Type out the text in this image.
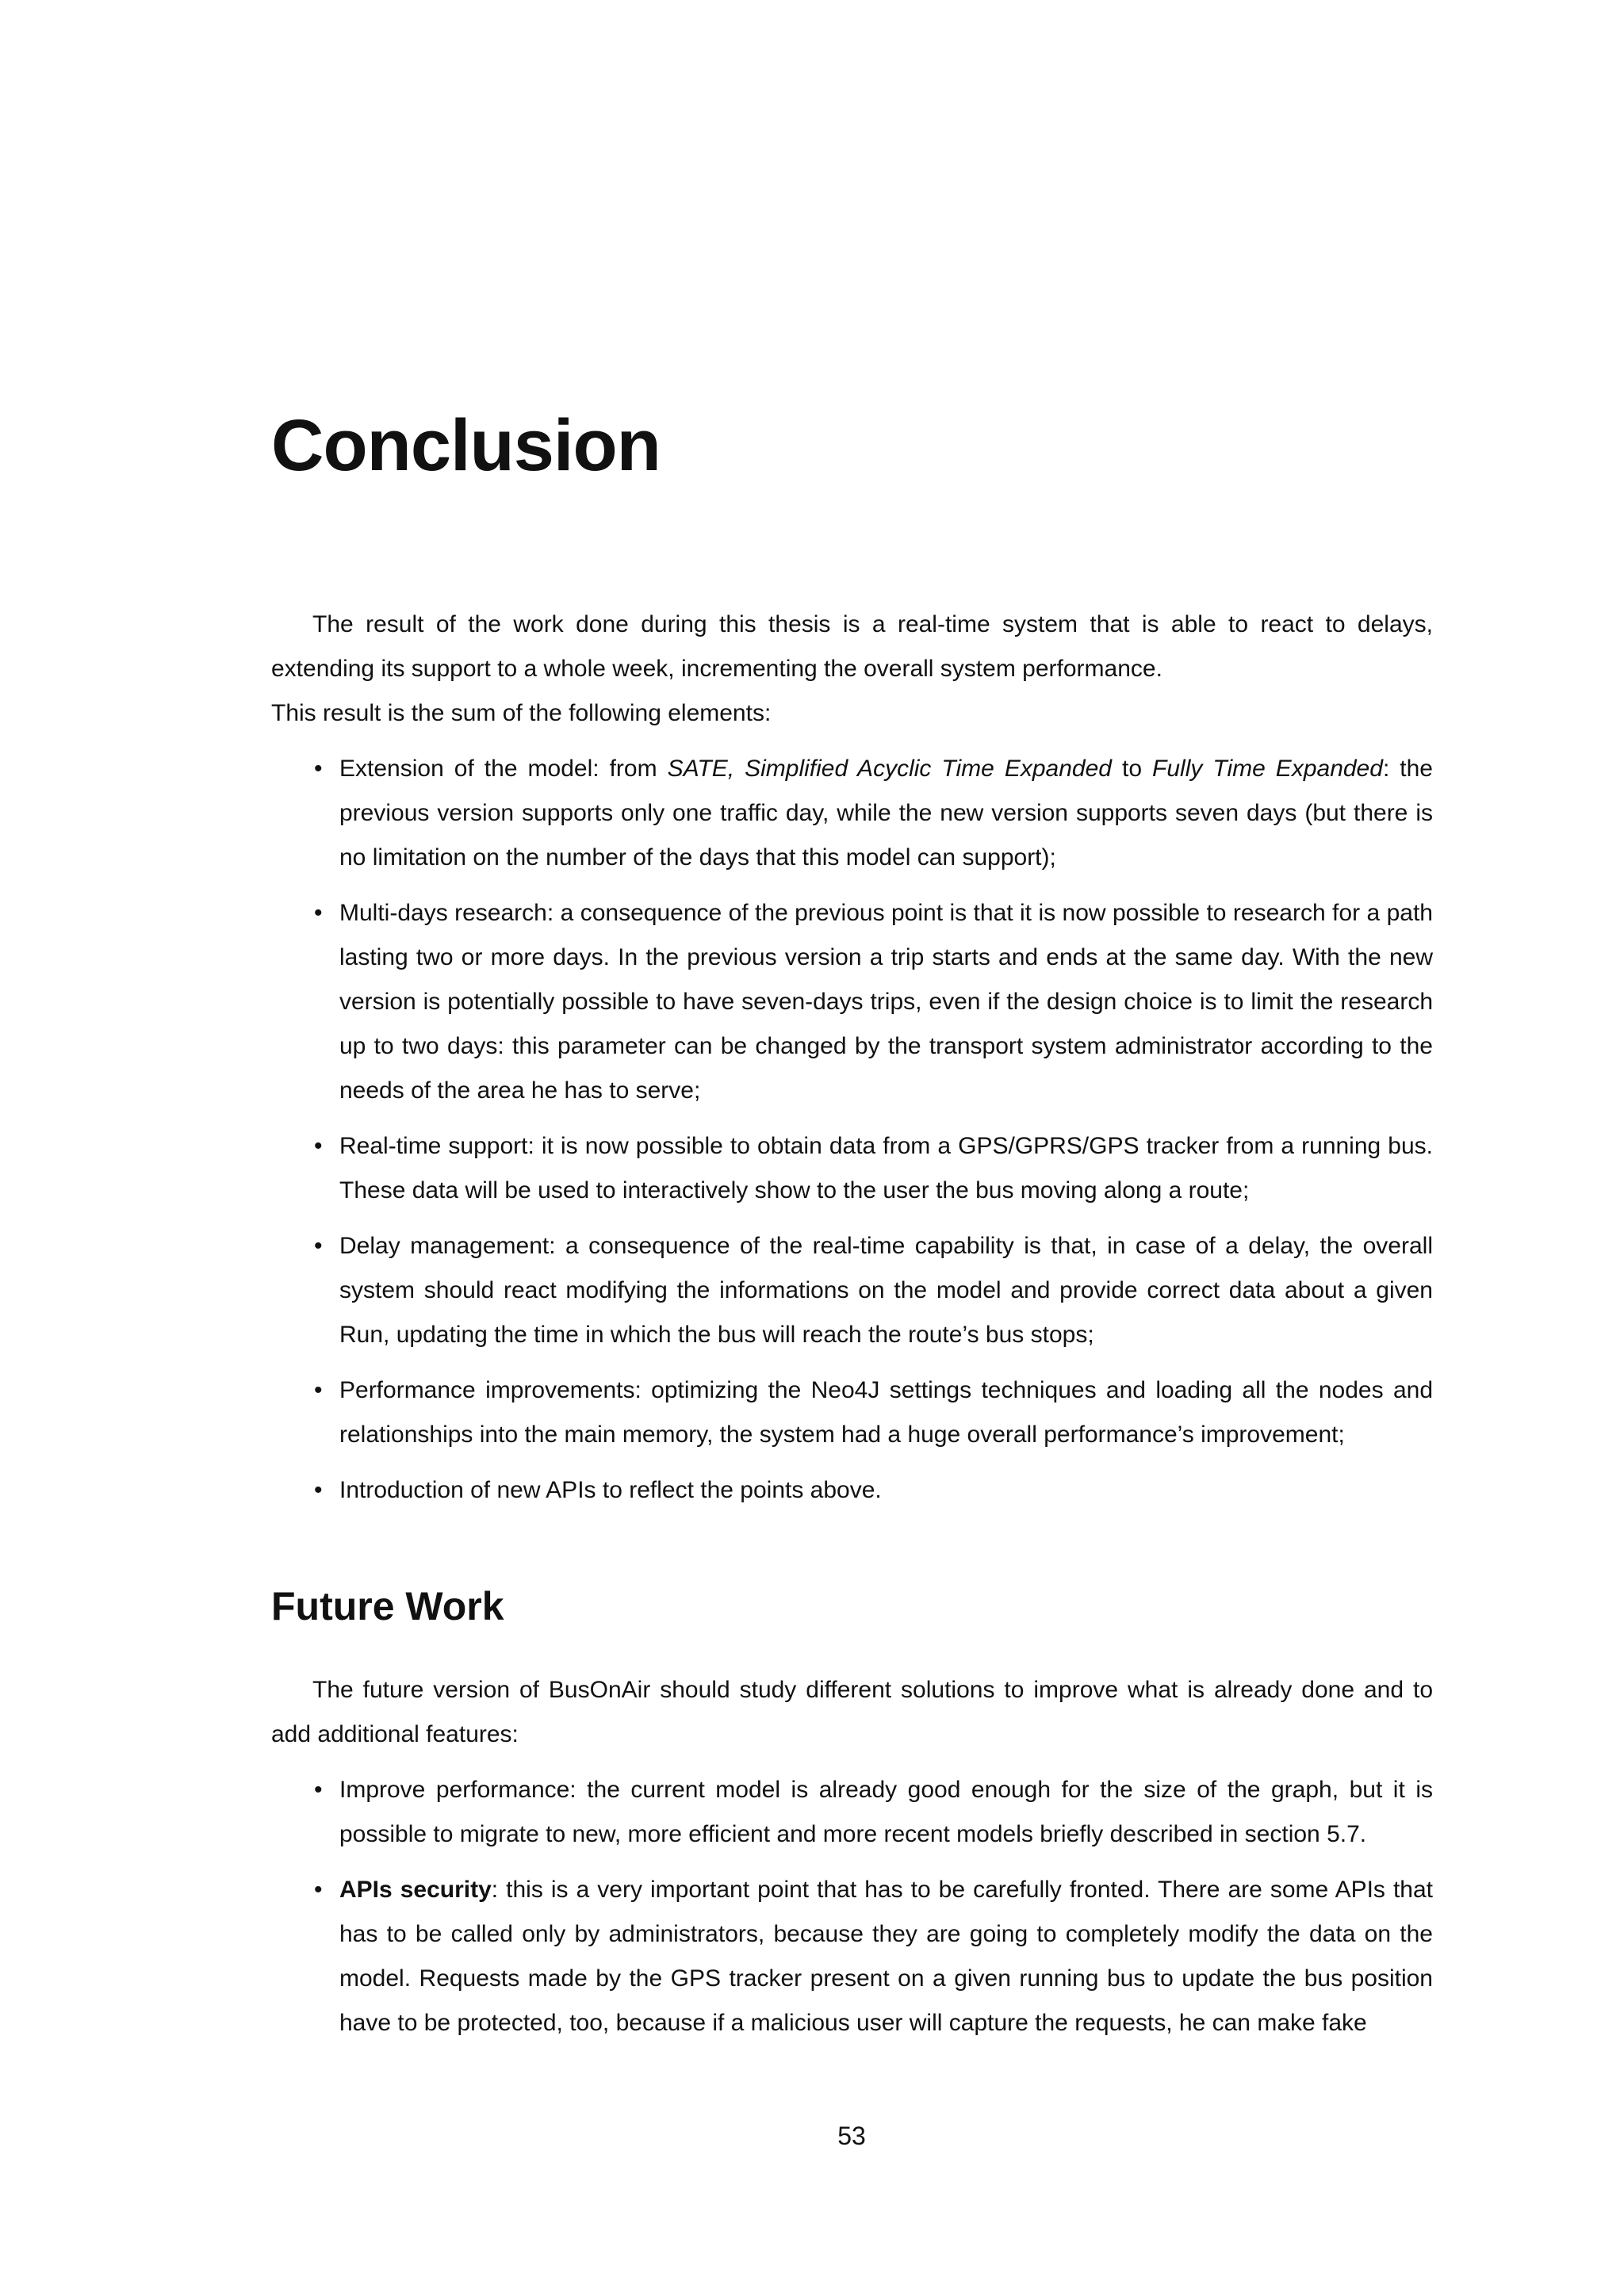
Conclusion

The result of the work done during this thesis is a real-time system that is able to react to delays, extending its support to a whole week, incrementing the overall system performance.

This result is the sum of the following elements:

• Extension of the model: from SATE, Simplified Acyclic Time Expanded to Fully Time Expanded: the previous version supports only one traffic day, while the new version supports seven days (but there is no limitation on the number of the days that this model can support);
• Multi-days research: a consequence of the previous point is that it is now possible to research for a path lasting two or more days. In the previous version a trip starts and ends at the same day. With the new version is potentially possible to have seven-days trips, even if the design choice is to limit the research up to two days: this parameter can be changed by the transport system administrator according to the needs of the area he has to serve;
• Real-time support: it is now possible to obtain data from a GPS/GPRS/GPS tracker from a running bus. These data will be used to interactively show to the user the bus moving along a route;
• Delay management: a consequence of the real-time capability is that, in case of a delay, the overall system should react modifying the informations on the model and provide correct data about a given Run, updating the time in which the bus will reach the route’s bus stops;
• Performance improvements: optimizing the Neo4J settings techniques and loading all the nodes and relationships into the main memory, the system had a huge overall performance’s improvement;
• Introduction of new APIs to reflect the points above.
Future Work

The future version of BusOnAir should study different solutions to improve what is already done and to add additional features:

• Improve performance: the current model is already good enough for the size of the graph, but it is possible to migrate to new, more efficient and more recent models briefly described in section 5.7.
• APIs security: this is a very important point that has to be carefully fronted. There are some APIs that has to be called only by administrators, because they are going to completely modify the data on the model. Requests made by the GPS tracker present on a given running bus to update the bus position have to be protected, too, because if a malicious user will capture the requests, he can make fake
53
